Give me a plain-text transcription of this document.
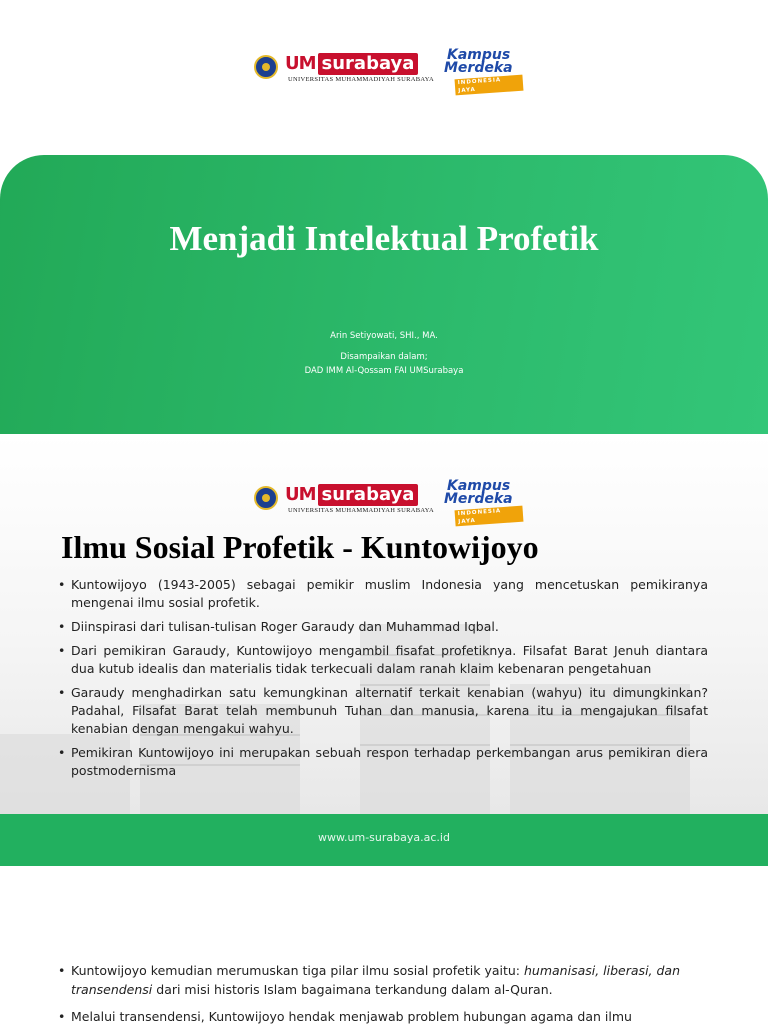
UM surabaya
UNIVERSITAS MUHAMMADIYAH SURABAYA
Kampus
Merdeka
INDONESIA JAYA
Menjadi Intelektual Profetik
Arin Setiyowati, SHI., MA.
Disampaikan dalam;
DAD IMM Al-Qossam FAI UMSurabaya
UM surabaya
UNIVERSITAS MUHAMMADIYAH SURABAYA
Kampus
Merdeka
INDONESIA JAYA
Ilmu Sosial Profetik - Kuntowijoyo
• Kuntowijoyo (1943-2005) sebagai pemikir muslim Indonesia yang mencetuskan pemikiranya mengenai ilmu sosial profetik.
• Diinspirasi dari tulisan-tulisan Roger Garaudy dan Muhammad Iqbal.
• Dari pemikiran Garaudy, Kuntowijoyo mengambil fisafat profetiknya. Filsafat Barat Jenuh diantara dua kutub idealis dan materialis tidak terkecuali dalam ranah klaim kebenaran pengetahuan
• Garaudy menghadirkan satu kemungkinan alternatif terkait kenabian (wahyu) itu dimungkinkan? Padahal, Filsafat Barat telah membunuh Tuhan dan manusia, karena itu ia mengajukan filsafat kenabian dengan mengakui wahyu.
• Pemikiran Kuntowijoyo ini merupakan sebuah respon terhadap perkembangan arus pemikiran diera postmodernisma
www.um-surabaya.ac.id
• Kuntowijoyo kemudian merumuskan tiga pilar ilmu sosial profetik yaitu: humanisasi, liberasi, dan transendensi dari misi historis Islam bagaimana terkandung dalam al-Quran.
• Melalui transendensi, Kuntowijoyo hendak menjawab problem hubungan agama dan ilmu
